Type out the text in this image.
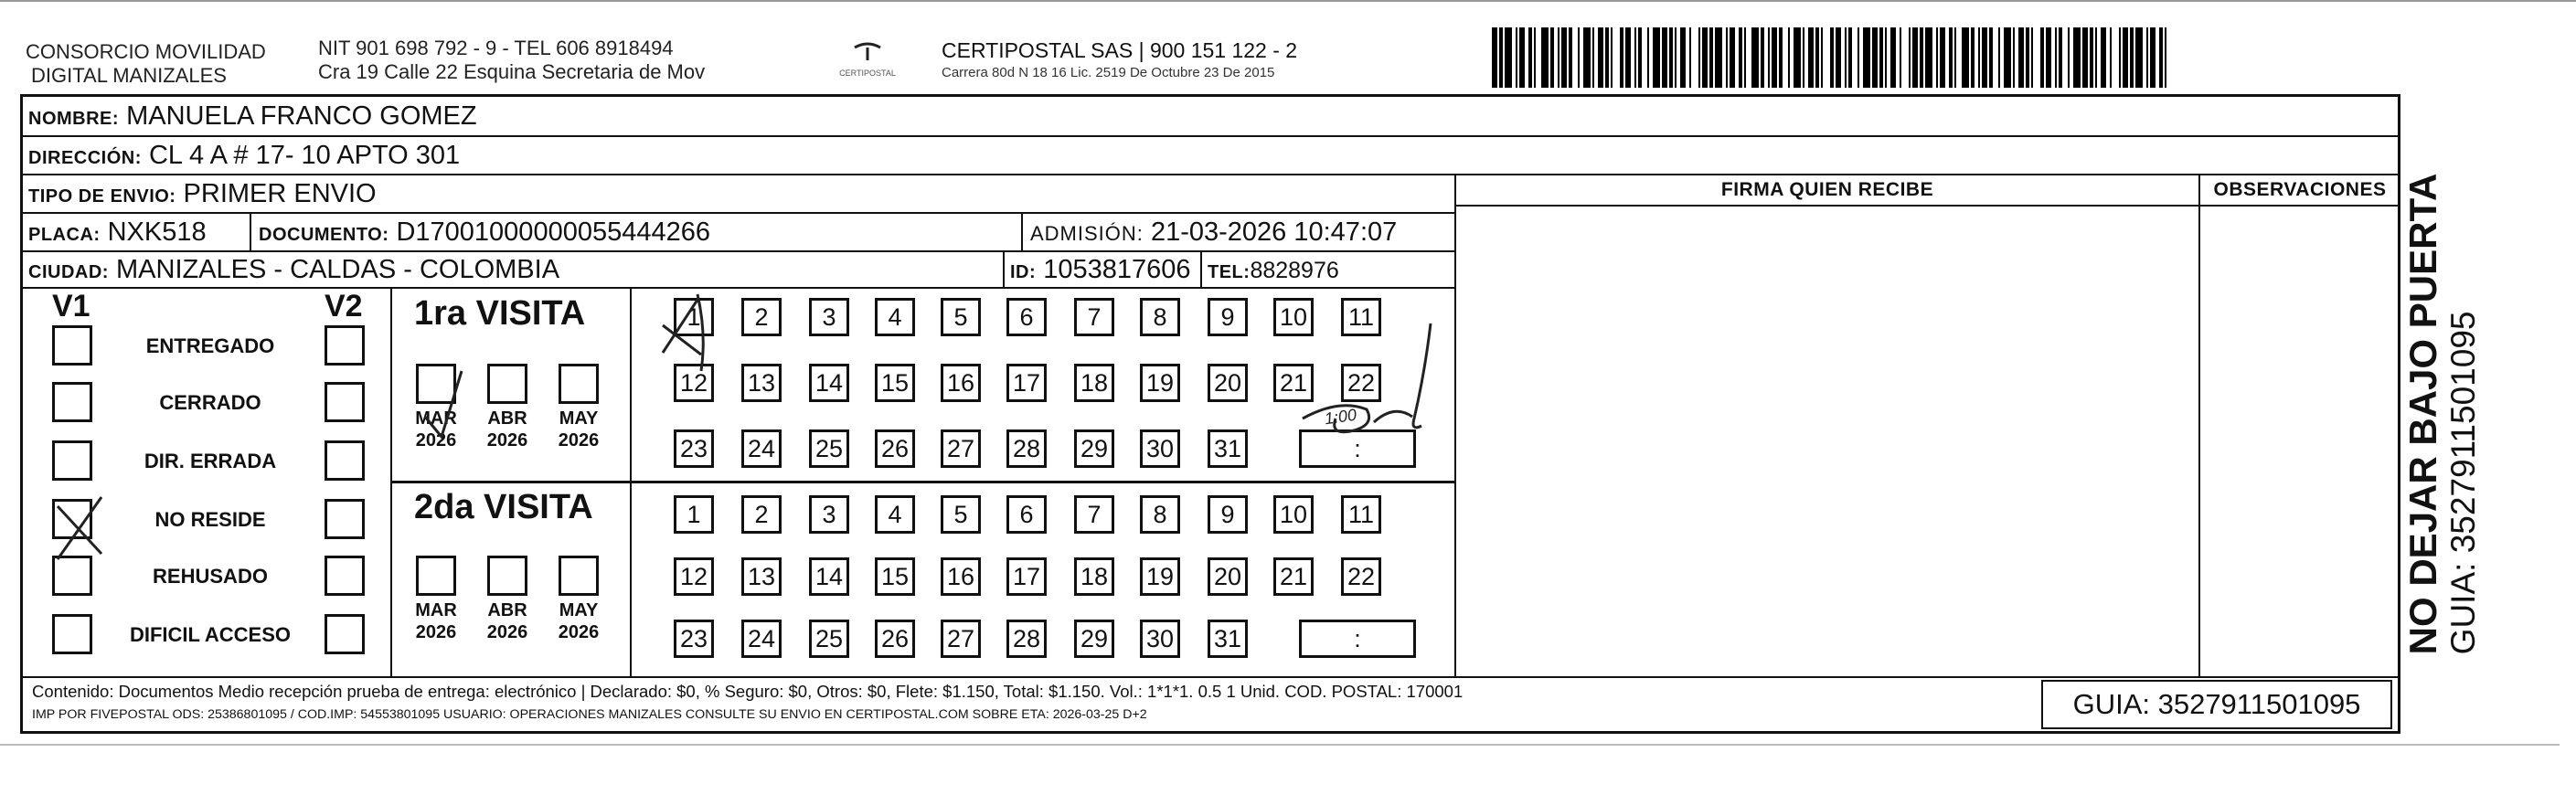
CONSORCIO MOVILIDAD
DIGITAL MANIZALES
NIT 901 698 792 - 9 - TEL 606 8918494
Cra 19 Calle 22 Esquina Secretaria de Mov	CERTIPOSTAL
CERTIPOSTAL SAS | 900 151 122 - 2
Carrera 80d N 18 16 Lic. 2519 De Octubre 23 De 2015
NOMBRE: MANUELA FRANCO GOMEZ
DIRECCIÓN: CL 4 A # 17- 10 APTO 301
TIPO DE ENVIO: PRIMER ENVIO
PLACA: NXK518	DOCUMENTO: D17001000000055444266	ADMISIÓN: 21-03-2026 10:47:07
CIUDAD: MANIZALES - CALDAS - COLOMBIA	ID: 1053817606 TEL:8828976
FIRMA QUIEN RECIBE	OBSERVACIONES
V1	V2
ENTREGADO
CERRADO
DIR. ERRADA
NO RESIDE
REHUSADO
DIFICIL ACCESO
1ra VISITA
2da VISITA
MAR
2026
ABR
2026
MAY
2026
MAR
2026
ABR
2026
MAY
2026
1	2	3	4	5	6	7	8	9	10 11
12 13 14 15 16 17 18 19 20 21 22
23 24 25 26 27 28 29 30 31	:
1	2	3	4	5	6	7	8	9	10 11
12 13 14 15 16 17 18 19 20 21 22
23 24 25 26 27 28 29 30 31	:
1:00
Contenido: Documentos Medio recepción prueba de entrega: electrónico | Declarado: $0, % Seguro: $0, Otros: $0, Flete: $1.150, Total: $1.150. Vol.: 1*1*1. 0.5 1 Unid. COD. POSTAL: 170001
IMP POR FIVEPOSTAL ODS: 25386801095 / COD.IMP: 54553801095 USUARIO: OPERACIONES MANIZALES CONSULTE SU ENVIO EN CERTIPOSTAL.COM SOBRE ETA: 2026-03-25 D+2	GUIA: 3527911501095
NO DEJAR BAJO PUERTA GUIA: 3527911501095
